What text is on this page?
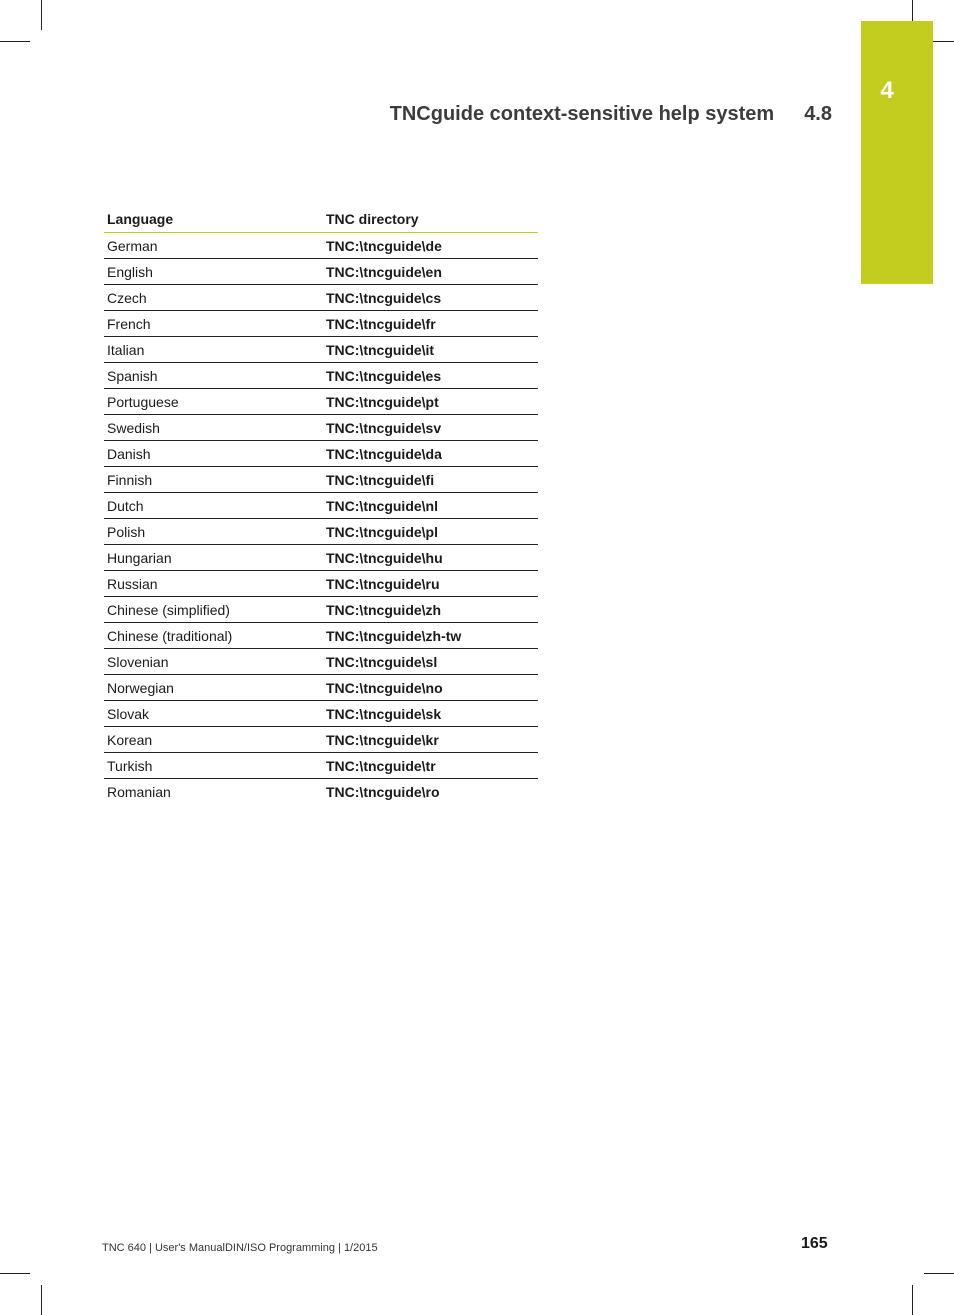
4
TNCguide context-sensitive help system 4.8
Language	TNC directory
German	TNC:\tncguide\de
English	TNC:\tncguide\en
Czech	TNC:\tncguide\cs
French	TNC:\tncguide\fr
Italian	TNC:\tncguide\it
Spanish	TNC:\tncguide\es
Portuguese	TNC:\tncguide\pt
Swedish	TNC:\tncguide\sv
Danish	TNC:\tncguide\da
Finnish	TNC:\tncguide\fi
Dutch	TNC:\tncguide\nl
Polish	TNC:\tncguide\pl
Hungarian	TNC:\tncguide\hu
Russian	TNC:\tncguide\ru
Chinese (simplified)	TNC:\tncguide\zh
Chinese (traditional)	TNC:\tncguide\zh-tw
Slovenian	TNC:\tncguide\sl
Norwegian	TNC:\tncguide\no
Slovak	TNC:\tncguide\sk
Korean	TNC:\tncguide\kr
Turkish	TNC:\tncguide\tr
Romanian	TNC:\tncguide\ro
TNC 640 | User's ManualDIN/ISO Programming | 1/2015	165
